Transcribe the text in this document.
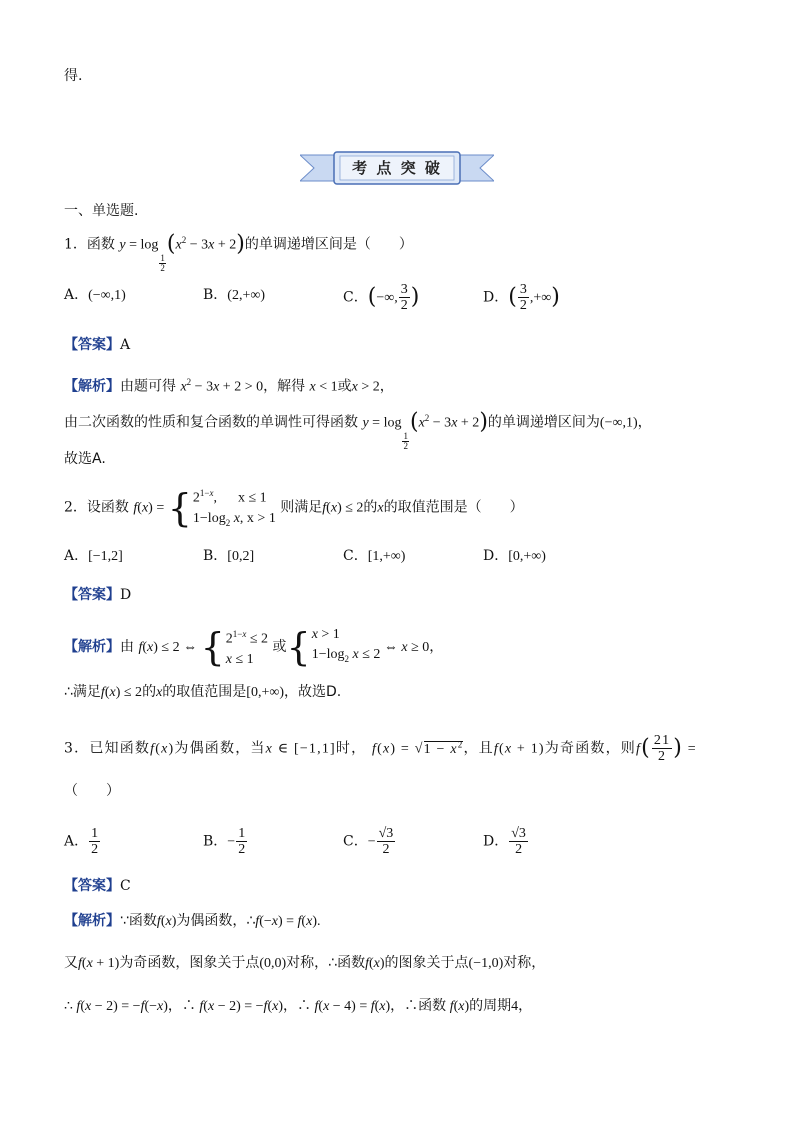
得.
考 点 突 破
一、单选题.
1．函数 y = log
$\frac{1}{2}$
$(x^2 - 3x + 2)$的单调递增区间是（　　）
A．(−∞,1)	B．(2,+∞)	C．(−∞, $\frac{3}{2}$ )	D．( $\frac{3}{2}$ ,+∞)
【答案】A
【解析】由题可得 $x^2 - 3x + 2 > 0$，解得 x < 1或x > 2，
由二次函数的性质和复合函数的单调性可得函数 y = log
$\frac{1}{2}$
$(x^2 - 3x + 2)$的单调递增区间为(−∞,1)，
故选A.
2．设函数 f(x) = { $2^{1-x}$,      x ≤ 1
$1-\log_2$ x, x > 1
则满足f(x) ≤ 2的x的取值范围是（　　）
A．[−1,2]	B．[0,2]	C．[1,+∞)	D．[0,+∞)
【答案】D
【解析】由 f(x) ≤ 2 ⇔ { $2^{1-x} \le 2$
x ≤ 1
或{ x > 1
$1-\log_2$ x ≤ 2 ⇔ x ≥ 0，
∴满足f(x) ≤ 2的x的取值范围是[0,+∞)，故选D.
3．已知函数f(x)为偶函数，当x ∈ [−1,1]时， $f(x) = √1 - x^2$，且f(x + 1)为奇函数，则$f( \frac{21}{2}$ ) =
（　　）
A． $\frac{1}{2}$	B．− $\frac{1}{2}$	C．− $\frac{√3}{2}$	D． $\frac{√3}{2}$
【答案】C
【解析】∵函数f(x)为偶函数，∴f(−x) = f(x).
又f(x + 1)为奇函数，图象关于点(0,0)对称，∴函数f(x)的图象关于点(−1,0)对称，
∴ f(x − 2) = −f(−x)，∴ f(x − 2) = −f(x)，∴ f(x − 4) = f(x)，∴函数 f(x)的周期4，
